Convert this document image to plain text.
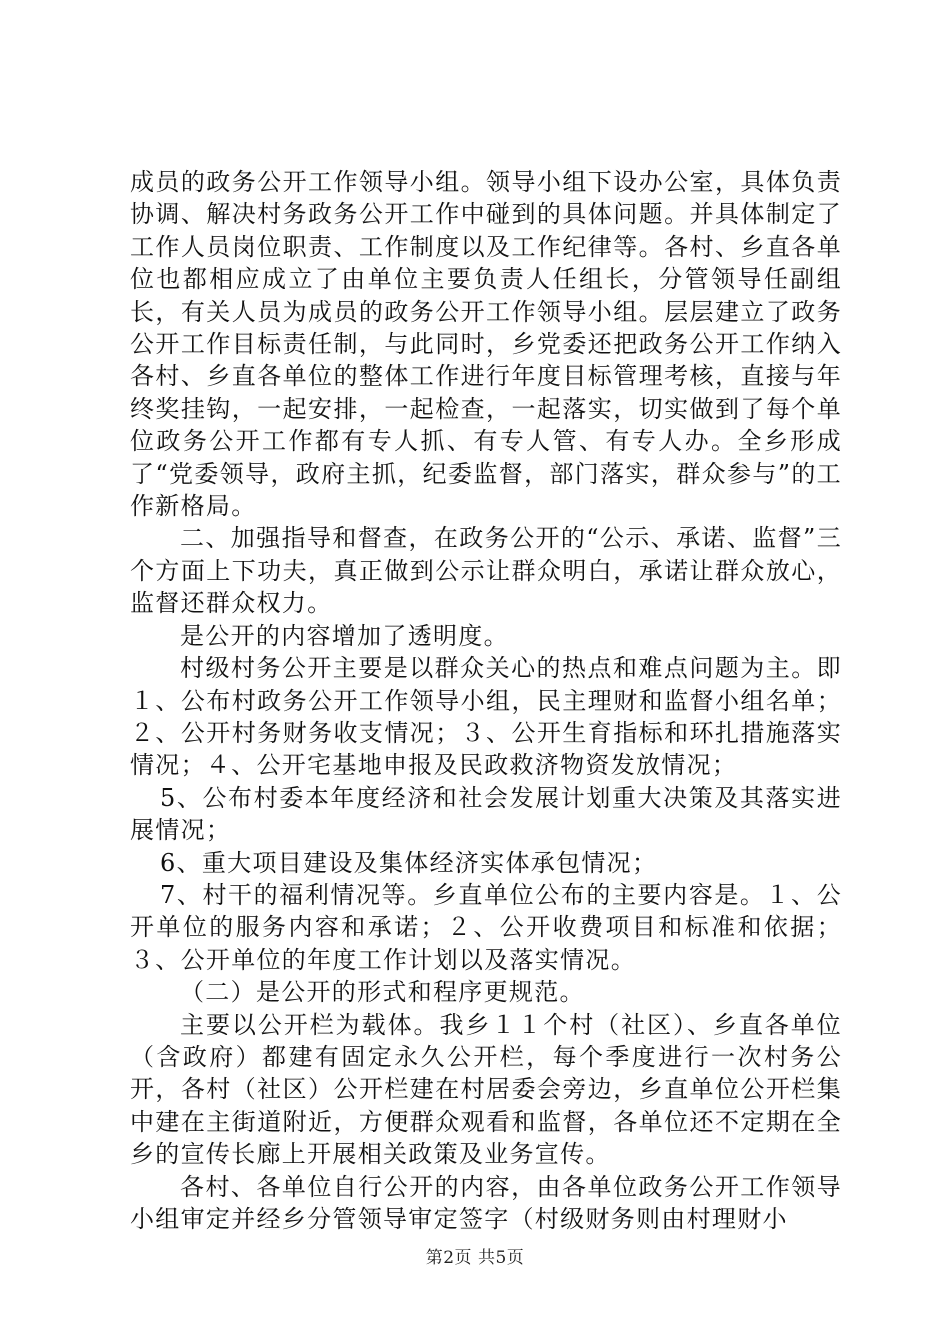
成员的政务公开工作领导小组。领导小组下设办公室，具体负责协调、解决村务政务公开工作中碰到的具体问题。并具体制定了工作人员岗位职责、工作制度以及工作纪律等。各村、乡直各单位也都相应成立了由单位主要负责人任组长，分管领导任副组长，有关人员为成员的政务公开工作领导小组。层层建立了政务公开工作目标责任制，与此同时，乡党委还把政务公开工作纳入各村、乡直各单位的整体工作进行年度目标管理考核，直接与年终奖挂钩，一起安排，一起检查，一起落实，切实做到了每个单位政务公开工作都有专人抓、有专人管、有专人办。全乡形成了“党委领导，政府主抓，纪委监督，部门落实，群众参与”的工作新格局。

二、加强指导和督查，在政务公开的“公示、承诺、监督”三个方面上下功夫，真正做到公示让群众明白，承诺让群众放心，监督还群众权力。

是公开的内容增加了透明度。

村级村务公开主要是以群众关心的热点和难点问题为主。即１、公布村政务公开工作领导小组，民主理财和监督小组名单；２、公开村务财务收支情况；３、公开生育指标和环扎措施落实情况；４、公开宅基地申报及民政救济物资发放情况；

5、公布村委本年度经济和社会发展计划重大决策及其落实进展情况；

6、重大项目建设及集体经济实体承包情况；

7、村干的福利情况等。乡直单位公布的主要内容是。１、公开单位的服务内容和承诺；２、公开收费项目和标准和依据；３、公开单位的年度工作计划以及落实情况。

（二）是公开的形式和程序更规范。

主要以公开栏为载体。我乡１１个村（社区）、乡直各单位（含政府）都建有固定永久公开栏，每个季度进行一次村务公开，各村（社区）公开栏建在村居委会旁边，乡直单位公开栏集中建在主街道附近，方便群众观看和监督，各单位还不定期在全乡的宣传长廊上开展相关政策及业务宣传。

各村、各单位自行公开的内容，由各单位政务公开工作领导小组审定并经乡分管领导审定签字（村级财务则由村理财小

第2页 共5页
